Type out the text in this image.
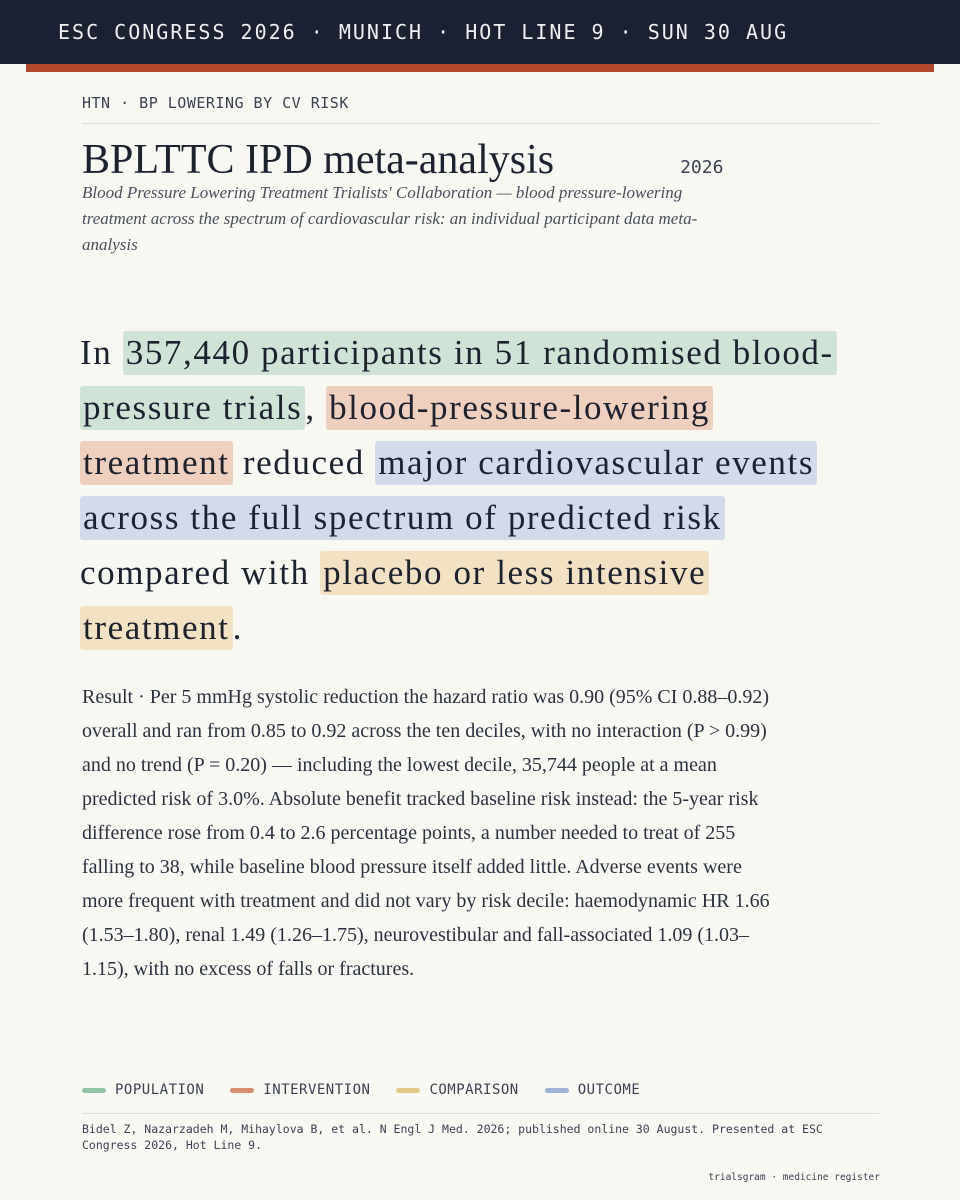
ESC CONGRESS 2026 · MUNICH · HOT LINE 9 · SUN 30 AUG
HTN · BP LOWERING BY CV RISK
BPLTTC IPD meta-analysis	2026

Blood Pressure Lowering Treatment Trialists' Collaboration — blood pressure-lowering treatment across the spectrum of cardiovascular risk: an individual participant data meta-analysis

In 357,440 participants in 51 randomised blood-pressure trials, blood-pressure-lowering treatment reduced major cardiovascular events across the full spectrum of predicted risk compared with placebo or less intensive treatment.

Result · Per 5 mmHg systolic reduction the hazard ratio was 0.90 (95% CI 0.88–0.92) overall and ran from 0.85 to 0.92 across the ten deciles, with no interaction (P > 0.99) and no trend (P = 0.20) — including the lowest decile, 35,744 people at a mean predicted risk of 3.0%. Absolute benefit tracked baseline risk instead: the 5-year risk difference rose from 0.4 to 2.6 percentage points, a number needed to treat of 255 falling to 38, while baseline blood pressure itself added little. Adverse events were more frequent with treatment and did not vary by risk decile: haemodynamic HR 1.66 (1.53–1.80), renal 1.49 (1.26–1.75), neurovestibular and fall-associated 1.09 (1.03–1.15), with no excess of falls or fractures.

POPULATION	INTERVENTION	COMPARISON	OUTCOME

Bidel Z, Nazarzadeh M, Mihaylova B, et al. N Engl J Med. 2026; published online 30 August. Presented at ESC Congress 2026, Hot Line 9.

trialsgram · medicine register
